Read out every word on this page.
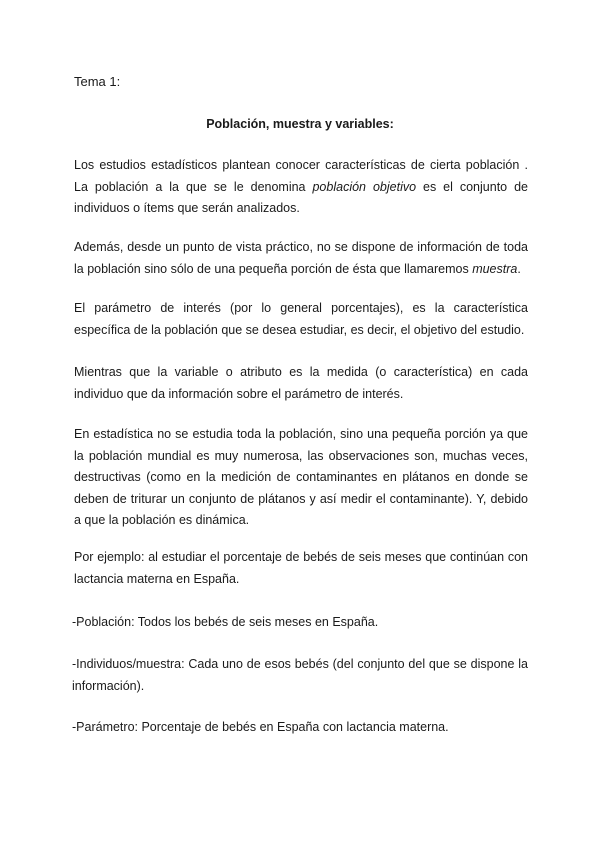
Tema 1:
Población, muestra y variables:

Los estudios estadísticos plantean conocer características de cierta población . La población a la que se le denomina población objetivo es el conjunto de individuos o ítems que serán analizados.

Además, desde un punto de vista práctico, no se dispone de información de toda la población sino sólo de una pequeña porción de ésta que llamaremos muestra.

El parámetro de interés (por lo general porcentajes), es la característica específica de la población que se desea estudiar, es decir, el objetivo del estudio.

Mientras que la variable o atributo es la medida (o característica) en cada individuo que da información sobre el parámetro de interés.

En estadística no se estudia toda la población, sino una pequeña porción ya que la población mundial es muy numerosa, las observaciones son, muchas veces, destructivas (como en la medición de contaminantes en plátanos en donde se deben de triturar un conjunto de plátanos y así medir el contaminante). Y, debido a que la población es dinámica.

Por ejemplo: al estudiar el porcentaje de bebés de seis meses que continúan con lactancia materna en España.

-Población: Todos los bebés de seis meses en España.

-Individuos/muestra: Cada uno de esos bebés (del conjunto del que se dispone la información).

-Parámetro: Porcentaje de bebés en España con lactancia materna.
